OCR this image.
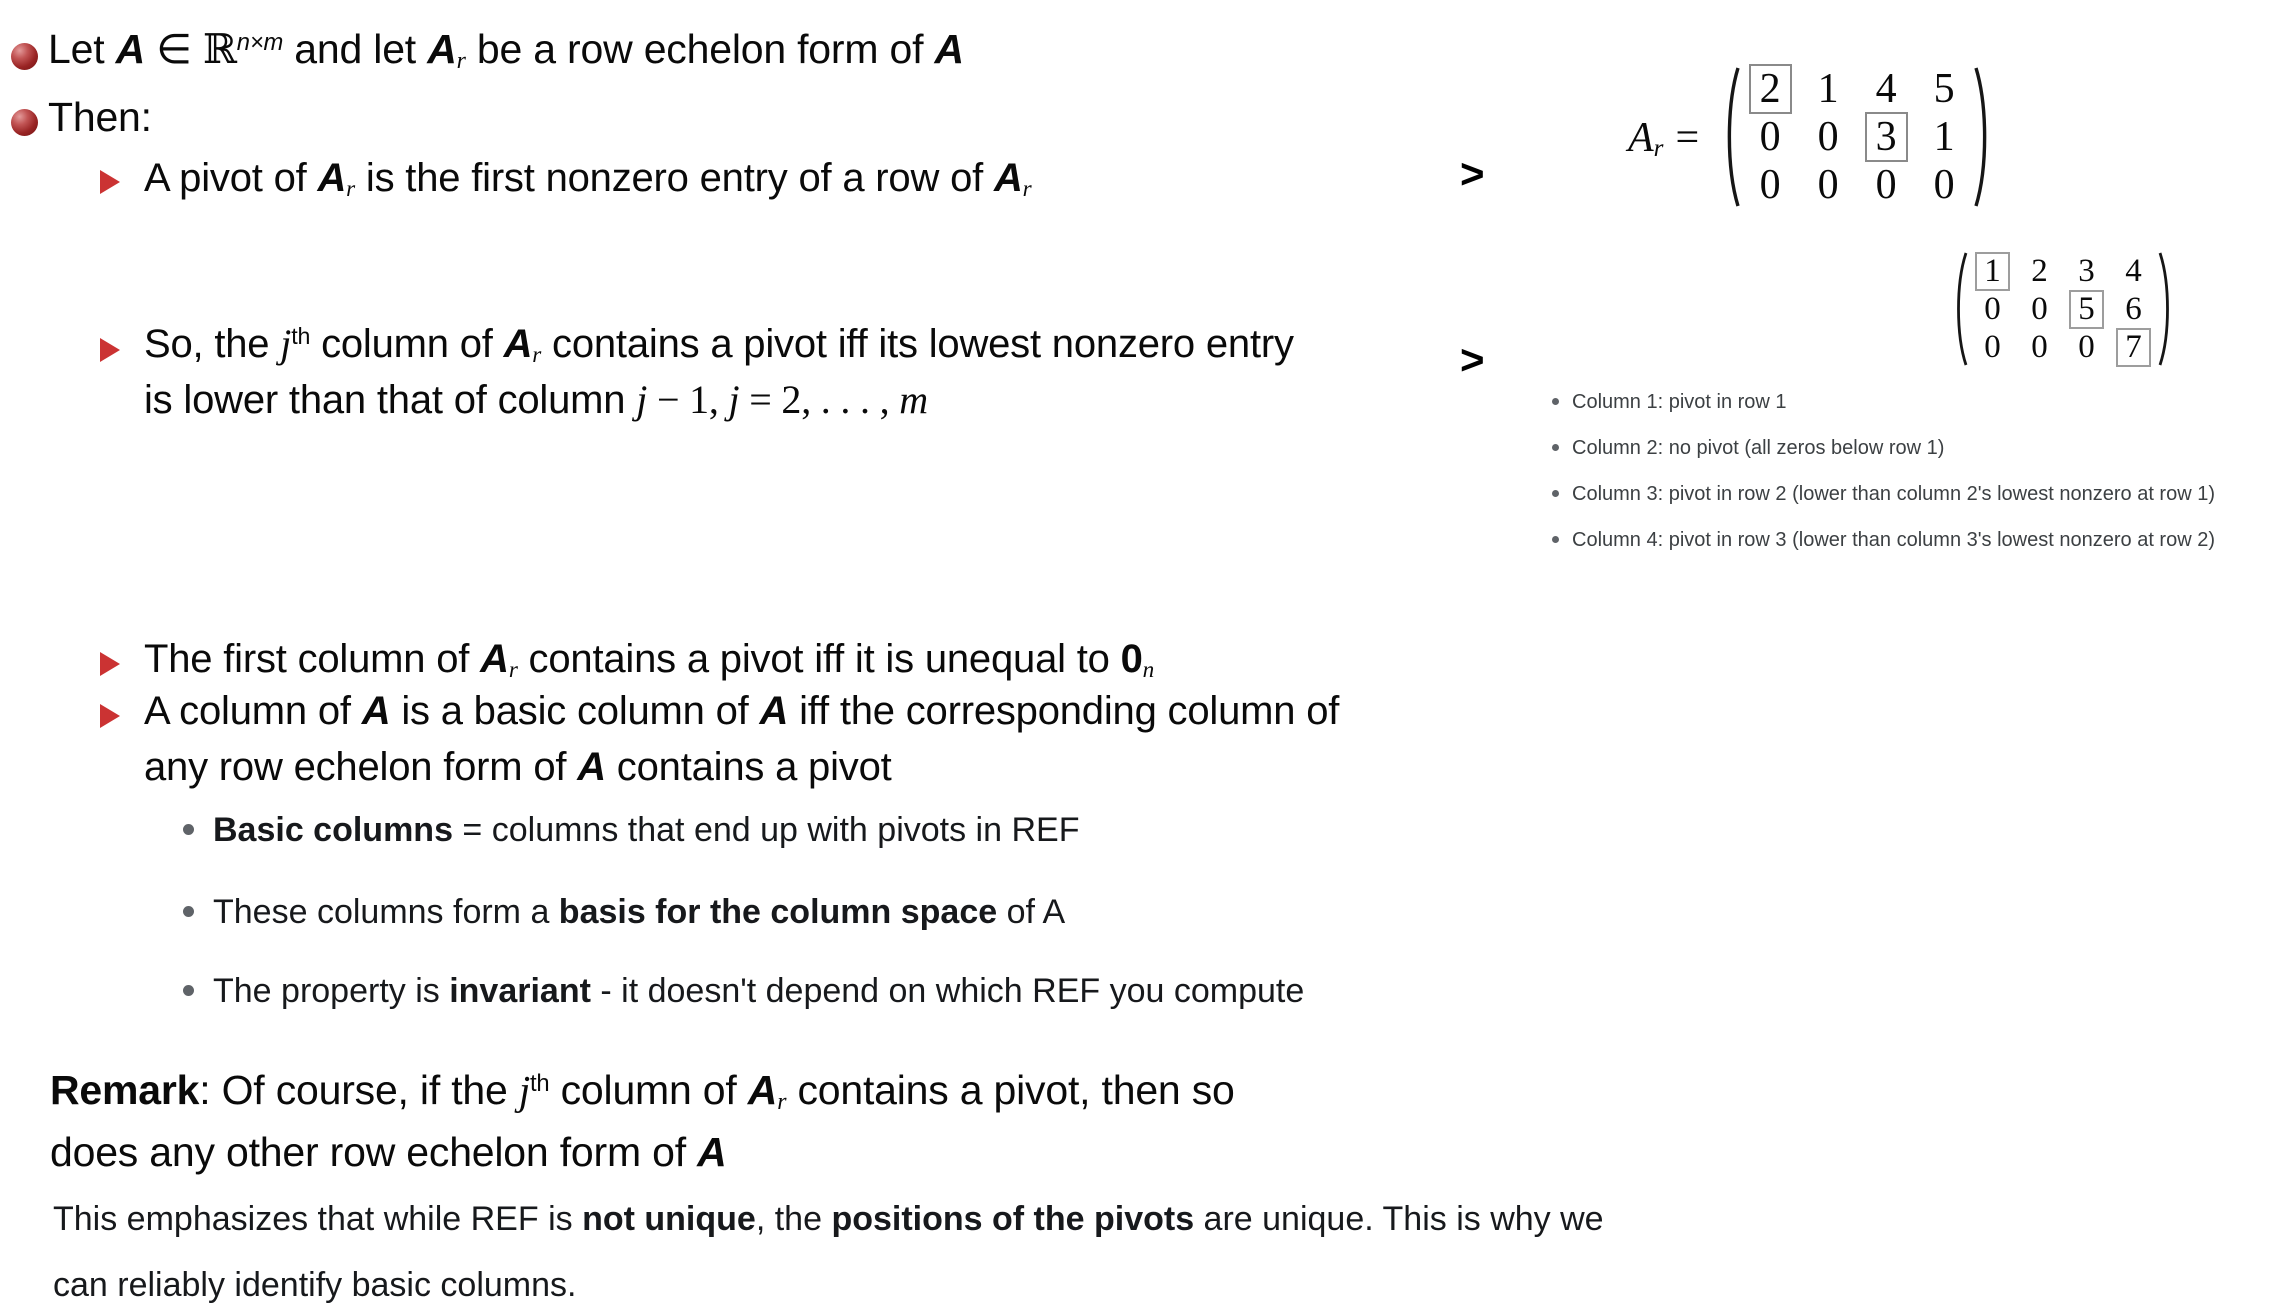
Let A ∈ ℝ$^{n\times m}$ and let $A_r$ be a row echelon form of A
Then:
A pivot of $A_r$ is the first nonzero entry of a row of $A_r$
So, the $j^{th}$ column of $A_r$ contains a pivot iff its lowest nonzero entry
is lower than that of column j − 1, j = 2, . . . , m
The first column of $A_r$ contains a pivot iff it is unequal to $0_n$
A column of A is a basic column of A iff the corresponding column of
any row echelon form of A contains a pivot
Basic columns = columns that end up with pivots in REF
These columns form a basis for the column space of A
The property is invariant - it doesn't depend on which REF you compute
Remark: Of course, if the $j^{th}$ column of $A_r$ contains a pivot, then so
does any other row echelon form of A
This emphasizes that while REF is not unique, the positions of the pivots are unique. This is why we
can reliably identify basic columns.
>
>
$A_r$ =
2 1 4 5
0 0 3 1
0 0 0 0
1 2 3 4
0 0 5 6
0 0 0 7
Column 1: pivot in row 1
Column 2: no pivot (all zeros below row 1)
Column 3: pivot in row 2 (lower than column 2's lowest nonzero at row 1)
Column 4: pivot in row 3 (lower than column 3's lowest nonzero at row 2)
